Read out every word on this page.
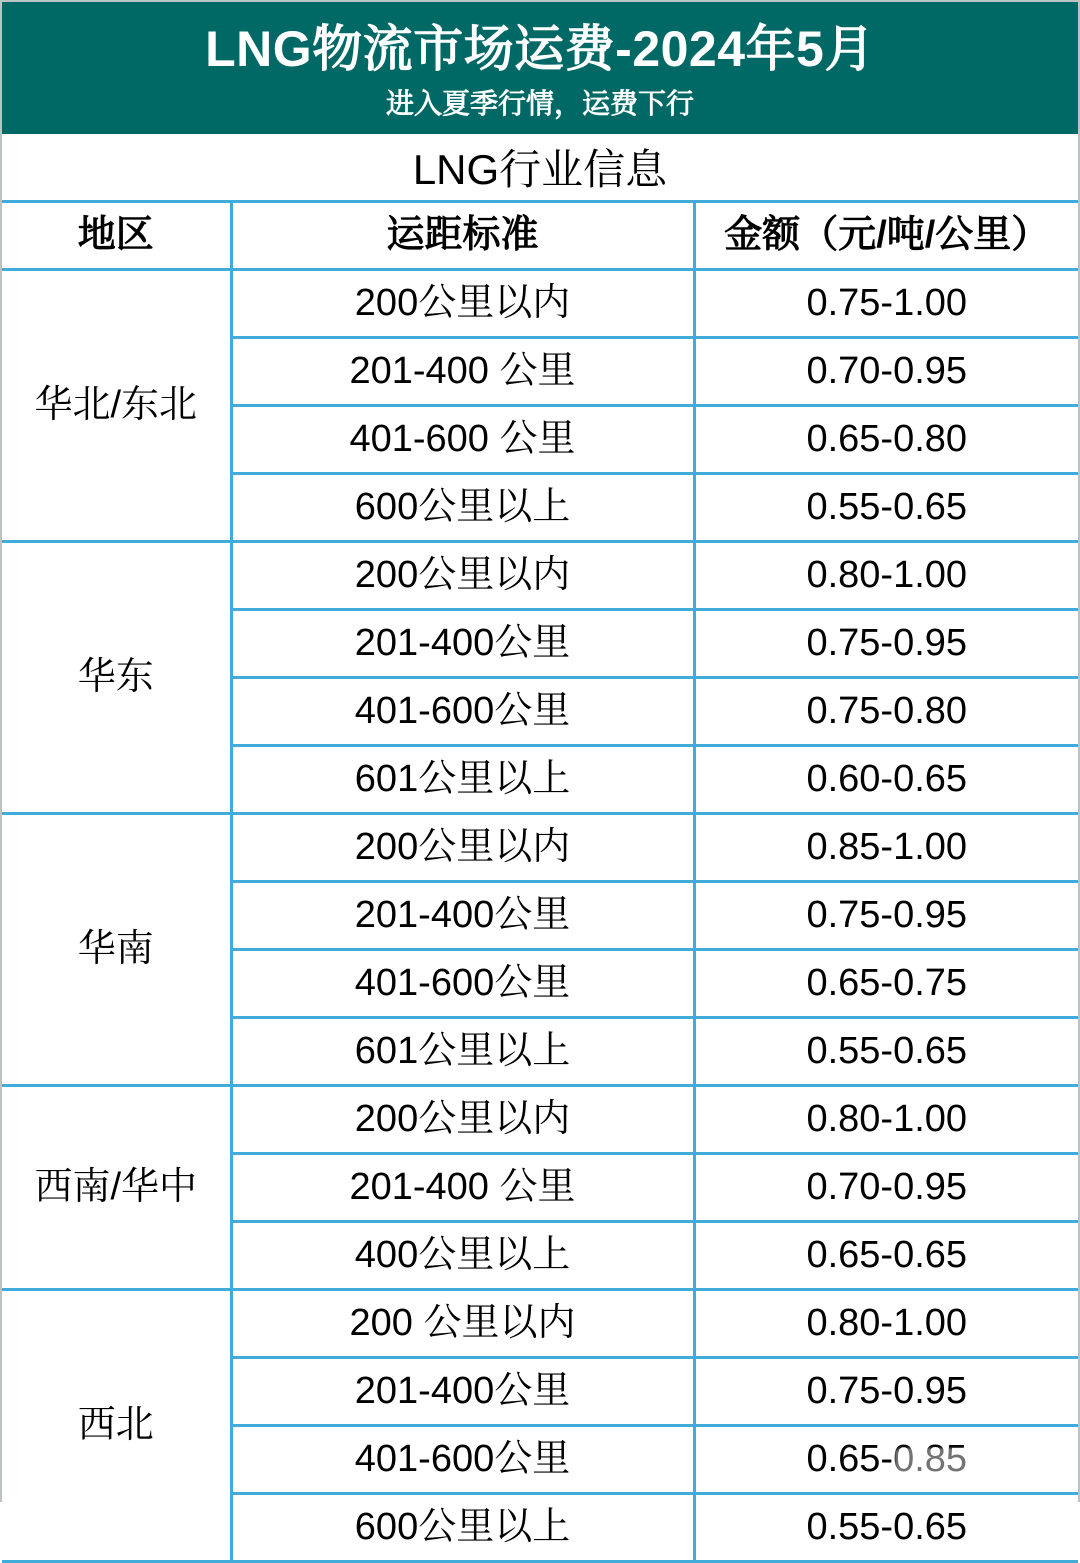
LNG物流市场运费-2024年5月
进入夏季行情，运费下行
LNG行业信息
地区	运距标准	金额（元/吨/公里）
华北/东北	200公里以内	0.75-1.00
	201-400 公里	0.70-0.95
	401-600 公里	0.65-0.80
	600公里以上	0.55-0.65
华东	200公里以内	0.80-1.00
	201-400公里	0.75-0.95
	401-600公里	0.75-0.80
	601公里以上	0.60-0.65
华南	200公里以内	0.85-1.00
	201-400公里	0.75-0.95
	401-600公里	0.65-0.75
	601公里以上	0.55-0.65
西南/华中	200公里以内	0.80-1.00
	201-400 公里	0.70-0.95
	400公里以上	0.65-0.65
西北	200 公里以内	0.80-1.00
	201-400公里	0.75-0.95
	401-600公里	0.65-0.85
	600公里以上	0.55-0.65
